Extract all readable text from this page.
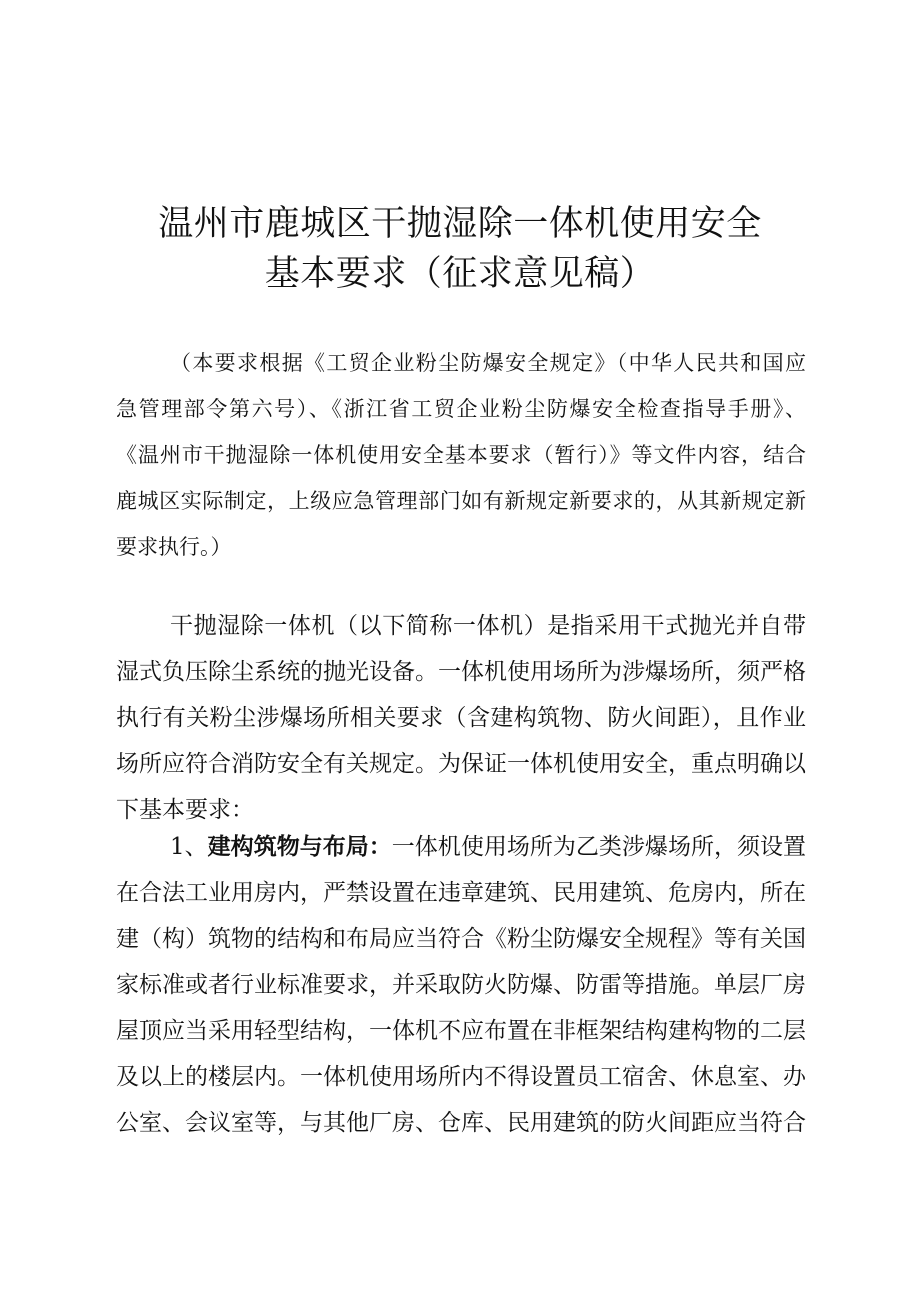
温州市鹿城区干抛湿除一体机使用安全
基本要求（征求意见稿）
（本要求根据《工贸企业粉尘防爆安全规定》（中华人民共和国应
急管理部令第六号）、《浙江省工贸企业粉尘防爆安全检查指导手册》、
《温州市干抛湿除一体机使用安全基本要求（暂行）》等文件内容，结合
鹿城区实际制定，上级应急管理部门如有新规定新要求的，从其新规定新
要求执行。）
干抛湿除一体机（以下简称一体机）是指采用干式抛光并自带
湿式负压除尘系统的抛光设备。一体机使用场所为涉爆场所，须严格
执行有关粉尘涉爆场所相关要求（含建构筑物、防火间距），且作业
场所应符合消防安全有关规定。为保证一体机使用安全，重点明确以
下基本要求：
1、建构筑物与布局：一体机使用场所为乙类涉爆场所，须设置
在合法工业用房内，严禁设置在违章建筑、民用建筑、危房内，所在
建（构）筑物的结构和布局应当符合《粉尘防爆安全规程》等有关国
家标准或者行业标准要求，并采取防火防爆、防雷等措施。单层厂房
屋顶应当采用轻型结构，一体机不应布置在非框架结构建构物的二层
及以上的楼层内。一体机使用场所内不得设置员工宿舍、休息室、办
公室、会议室等，与其他厂房、仓库、民用建筑的防火间距应当符合
